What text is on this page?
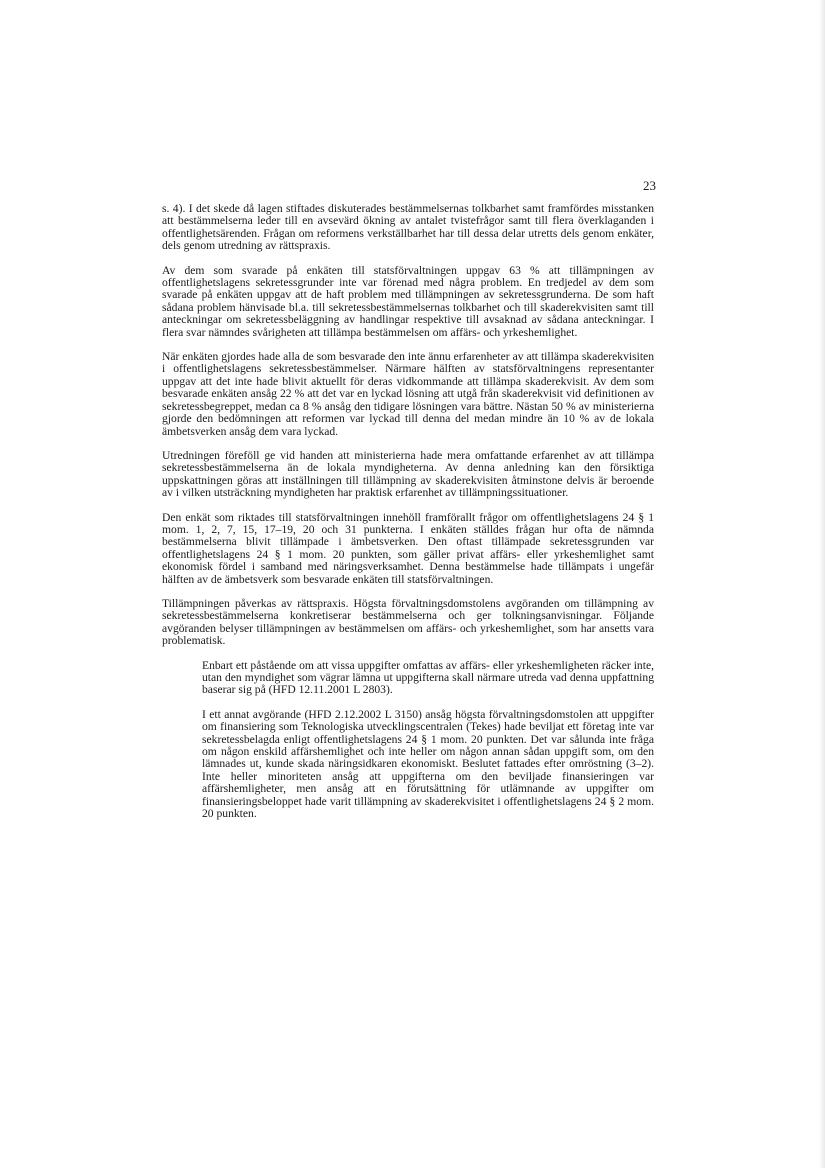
23

s. 4). I det skede då lagen stiftades diskuterades bestämmelsernas tolkbarhet samt framfördes misstanken att bestämmelserna leder till en avsevärd ökning av antalet tvistefrågor samt till flera överklaganden i offentlighetsärenden. Frågan om reformens verkställbarhet har till dessa delar utretts dels genom enkäter, dels genom utredning av rättspraxis.

Av dem som svarade på enkäten till statsförvaltningen uppgav 63 % att tillämpningen av offentlighetslagens sekretessgrunder inte var förenad med några problem. En tredjedel av dem som svarade på enkäten uppgav att de haft problem med tillämpningen av sekretessgrunderna. De som haft sådana problem hänvisade bl.a. till sekretessbestämmelsernas tolkbarhet och till skaderekvisiten samt till anteckningar om sekretessbeläggning av handlingar respektive till avsaknad av sådana anteckningar. I flera svar nämndes svårigheten att tillämpa bestämmelsen om affärs- och yrkeshemlighet.

När enkäten gjordes hade alla de som besvarade den inte ännu erfarenheter av att tillämpa skaderekvisiten i offentlighetslagens sekretessbestämmelser. Närmare hälften av statsförvaltningens representanter uppgav att det inte hade blivit aktuellt för deras vidkommande att tillämpa skaderekvisit. Av dem som besvarade enkäten ansåg 22 % att det var en lyckad lösning att utgå från skaderekvisit vid definitionen av sekretessbegreppet, medan ca 8 % ansåg den tidigare lösningen vara bättre. Nästan 50 % av ministerierna gjorde den bedömningen att reformen var lyckad till denna del medan mindre än 10 % av de lokala ämbetsverken ansåg dem vara lyckad.

Utredningen föreföll ge vid handen att ministerierna hade mera omfattande erfarenhet av att tillämpa sekretessbestämmelserna än de lokala myndigheterna. Av denna anledning kan den försiktiga uppskattningen göras att inställningen till tillämpning av skaderekvisiten åtminstone delvis är beroende av i vilken utsträckning myndigheten har praktisk erfarenhet av tillämpningssituationer.

Den enkät som riktades till statsförvaltningen innehöll framförallt frågor om offentlighetslagens 24 § 1 mom. 1, 2, 7, 15, 17–19, 20 och 31 punkterna. I enkäten ställdes frågan hur ofta de nämnda bestämmelserna blivit tillämpade i ämbetsverken. Den oftast tillämpade sekretessgrunden var offentlighetslagens 24 § 1 mom. 20 punkten, som gäller privat affärs- eller yrkeshemlighet samt ekonomisk fördel i samband med näringsverksamhet. Denna bestämmelse hade tillämpats i ungefär hälften av de ämbetsverk som besvarade enkäten till statsförvaltningen.

Tillämpningen påverkas av rättspraxis. Högsta förvaltningsdomstolens avgöranden om tillämpning av sekretessbestämmelserna konkretiserar bestämmelserna och ger tolkningsanvisningar. Följande avgöranden belyser tillämpningen av bestämmelsen om affärs- och yrkeshemlighet, som har ansetts vara problematisk.

Enbart ett påstående om att vissa uppgifter omfattas av affärs- eller yrkeshemligheten räcker inte, utan den myndighet som vägrar lämna ut uppgifterna skall närmare utreda vad denna uppfattning baserar sig på (HFD 12.11.2001 L 2803).

I ett annat avgörande (HFD 2.12.2002 L 3150) ansåg högsta förvaltningsdomstolen att uppgifter om finansiering som Teknologiska utvecklingscentralen (Tekes) hade beviljat ett företag inte var sekretessbelagda enligt offentlighetslagens 24 § 1 mom. 20 punkten. Det var sålunda inte fråga om någon enskild affärshemlighet och inte heller om någon annan sådan uppgift som, om den lämnades ut, kunde skada näringsidkaren ekonomiskt. Beslutet fattades efter omröstning (3–2). Inte heller minoriteten ansåg att uppgifterna om den beviljade finansieringen var affärshemligheter, men ansåg att en förutsättning för utlämnande av uppgifter om finansieringsbeloppet hade varit tillämpning av skaderekvisitet i offentlighetslagens 24 § 2 mom. 20 punkten.
